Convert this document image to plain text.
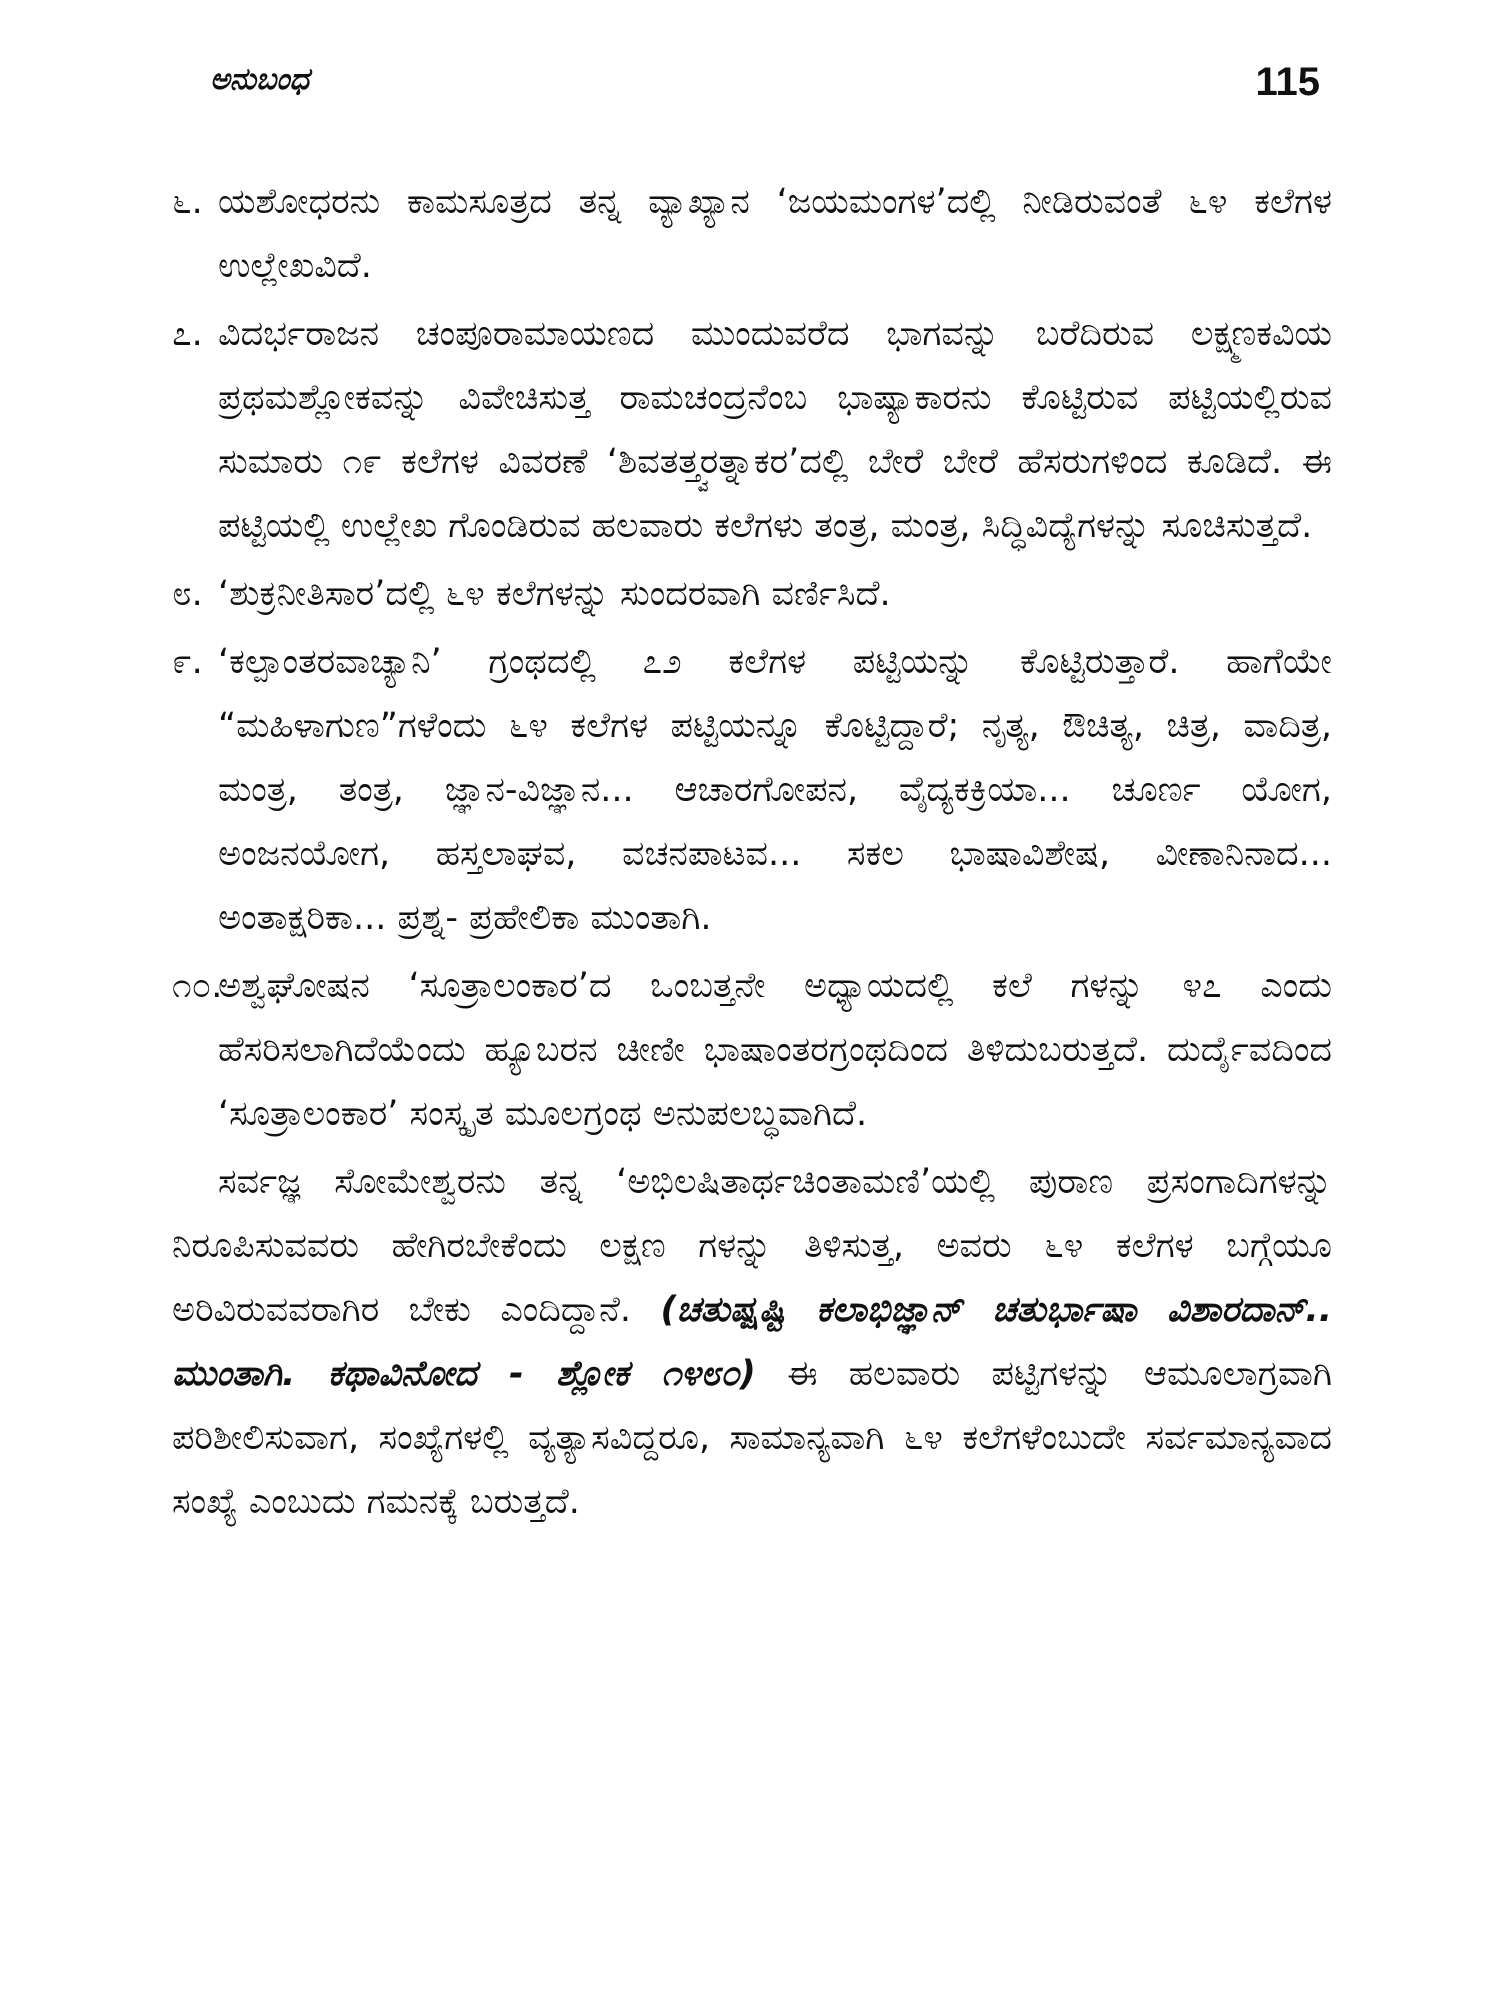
ಅನುಬಂಧ	115
೬. ಯಶೋಧರನು ಕಾಮಸೂತ್ರದ ತನ್ನ ವ್ಯಾಖ್ಯಾನ ‘ಜಯಮಂಗಳ’ದಲ್ಲಿ ನೀಡಿರುವಂತೆ ೬೪ ಕಲೆಗಳ ಉಲ್ಲೇಖವಿದೆ.
೭. ವಿದರ್ಭರಾಜನ ಚಂಪೂರಾಮಾಯಣದ ಮುಂದುವರೆದ ಭಾಗವನ್ನು ಬರೆದಿರುವ ಲಕ್ಷ್ಮಣಕವಿಯ ಪ್ರಥಮಶ್ಲೋಕವನ್ನು ವಿವೇಚಿಸುತ್ತ ರಾಮಚಂದ್ರನೆಂಬ ಭಾಷ್ಯಾಕಾರನು ಕೊಟ್ಟಿರುವ ಪಟ್ಟಿಯಲ್ಲಿರುವ ಸುಮಾರು ೧೯ ಕಲೆಗಳ ವಿವರಣೆ ‘ಶಿವತತ್ತ್ವರತ್ನಾಕರ’ದಲ್ಲಿ ಬೇರೆ ಬೇರೆ ಹೆಸರುಗಳಿಂದ ಕೂಡಿದೆ. ಈ ಪಟ್ಟಿಯಲ್ಲಿ ಉಲ್ಲೇಖ ಗೊಂಡಿರುವ ಹಲವಾರು ಕಲೆಗಳು ತಂತ್ರ, ಮಂತ್ರ, ಸಿದ್ಧಿವಿದ್ಯೆಗಳನ್ನು ಸೂಚಿಸುತ್ತದೆ.
೮. ‘ಶುಕ್ರನೀತಿಸಾರ’ದಲ್ಲಿ ೬೪ ಕಲೆಗಳನ್ನು ಸುಂದರವಾಗಿ ವರ್ಣಿಸಿದೆ.
೯. ‘ಕಲ್ಪಾಂತರವಾಚ್ಯಾನಿ’ ಗ್ರಂಥದಲ್ಲಿ ೭೨ ಕಲೆಗಳ ಪಟ್ಟಿಯನ್ನು ಕೊಟ್ಟಿರುತ್ತಾರೆ. ಹಾಗೆಯೇ “ಮಹಿಳಾಗುಣ”ಗಳೆಂದು ೬೪ ಕಲೆಗಳ ಪಟ್ಟಿಯನ್ನೂ ಕೊಟ್ಟಿದ್ದಾರೆ; ನೃತ್ಯ, ಔಚಿತ್ಯ, ಚಿತ್ರ, ವಾದಿತ್ರ, ಮಂತ್ರ, ತಂತ್ರ, ಜ್ಞಾನ-ವಿಜ್ಞಾನ... ಆಚಾರಗೋಪನ, ವೈದ್ಯಕಕ್ರಿಯಾ... ಚೂರ್ಣ ಯೋಗ, ಅಂಜನಯೋಗ, ಹಸ್ತಲಾಘವ, ವಚನಪಾಟವ... ಸಕಲ ಭಾಷಾವಿಶೇಷ, ವೀಣಾನಿನಾದ... ಅಂತಾಕ್ಷರಿಕಾ... ಪ್ರಶ್ನ- ಪ್ರಹೇಲಿಕಾ ಮುಂತಾಗಿ.
೧೦.
ಅಶ್ವಘೋಷನ ‘ಸೂತ್ರಾಲಂಕಾರ’ದ ಒಂಬತ್ತನೇ ಅಧ್ಯಾಯದಲ್ಲಿ ಕಲೆ ಗಳನ್ನು ೪೭ ಎಂದು ಹೆಸರಿಸಲಾಗಿದೆಯೆಂದು ಹ್ಯೂಬರನ ಚೀಣೀ ಭಾಷಾಂತರಗ್ರಂಥದಿಂದ ತಿಳಿದುಬರುತ್ತದೆ. ದುರ್ದೈವದಿಂದ ‘ಸೂತ್ರಾಲಂಕಾರ’ ಸಂಸ್ಕೃತ ಮೂಲಗ್ರಂಥ ಅನುಪಲಬ್ಧವಾಗಿದೆ.
ಸರ್ವಜ್ಞ ಸೋಮೇಶ್ವರನು ತನ್ನ ‘ಅಭಿಲಷಿತಾರ್ಥಚಿಂತಾಮಣಿ’ಯಲ್ಲಿ ಪುರಾಣ ಪ್ರಸಂಗಾದಿಗಳನ್ನು ನಿರೂಪಿಸುವವರು ಹೇಗಿರಬೇಕೆಂದು ಲಕ್ಷಣ ಗಳನ್ನು ತಿಳಿಸುತ್ತ, ಅವರು ೬೪ ಕಲೆಗಳ ಬಗ್ಗೆಯೂ ಅರಿವಿರುವವರಾಗಿರ ಬೇಕು ಎಂದಿದ್ದಾನೆ. (ಚತುಷ್ಷಷ್ಟಿ ಕಲಾಭಿಜ್ಞಾನ್ ಚತುರ್ಭಾಷಾ ವಿಶಾರದಾನ್.. ಮುಂತಾಗಿ. ಕಥಾವಿನೋದ - ಶ್ಲೋಕ ೧೪೮೦) ಈ ಹಲವಾರು ಪಟ್ಟಿಗಳನ್ನು ಆಮೂಲಾಗ್ರವಾಗಿ ಪರಿಶೀಲಿಸುವಾಗ, ಸಂಖ್ಯೆಗಳಲ್ಲಿ ವ್ಯತ್ಯಾಸವಿದ್ದರೂ, ಸಾಮಾನ್ಯವಾಗಿ ೬೪ ಕಲೆಗಳೆಂಬುದೇ ಸರ್ವಮಾನ್ಯವಾದ ಸಂಖ್ಯೆ ಎಂಬುದು ಗಮನಕ್ಕೆ ಬರುತ್ತದೆ.
